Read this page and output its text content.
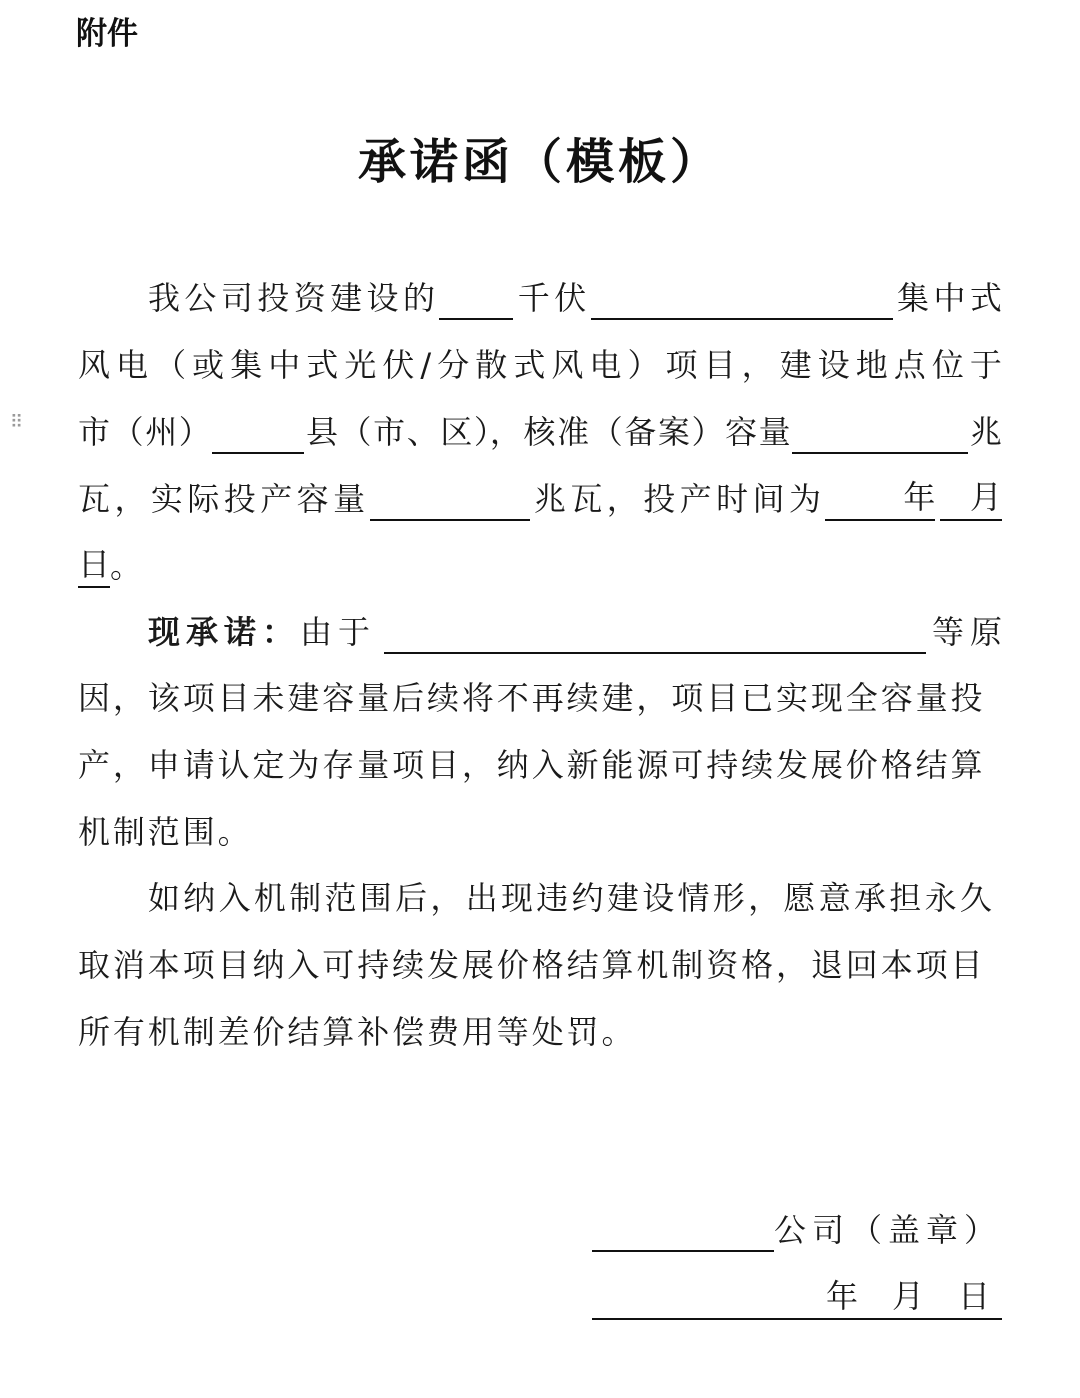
附件
承诺函（模板）
⠿
我 公 司 投 资 建 设 的	千 伏	集 中 式
风 电 （ 或 集 中 式 光 伏 / 分 散 式 风 电 ） 项 目 ， 建 设 地 点 位 于
市 （ 州 ）	县 （ 市 、 区 ）， 核 准 （ 备 案 ） 容 量	兆
瓦 ， 实 际 投 产 容 量	兆 瓦 ， 投 产 时 间 为	年	月
日 。
现承诺： 由于	等 原
因，该项目未建容量后续将不再续建，项目已实现全容量投
产，申请认定为存量项目，纳入新能源可持续发展价格结算
机制范围。
如纳入机制范围后，出现违约建设情形，愿意承担永久
取消本项目纳入可持续发展价格结算机制资格，退回本项目
所有机制差价结算补偿费用等处罚。
公司（盖章）
年 月 日
